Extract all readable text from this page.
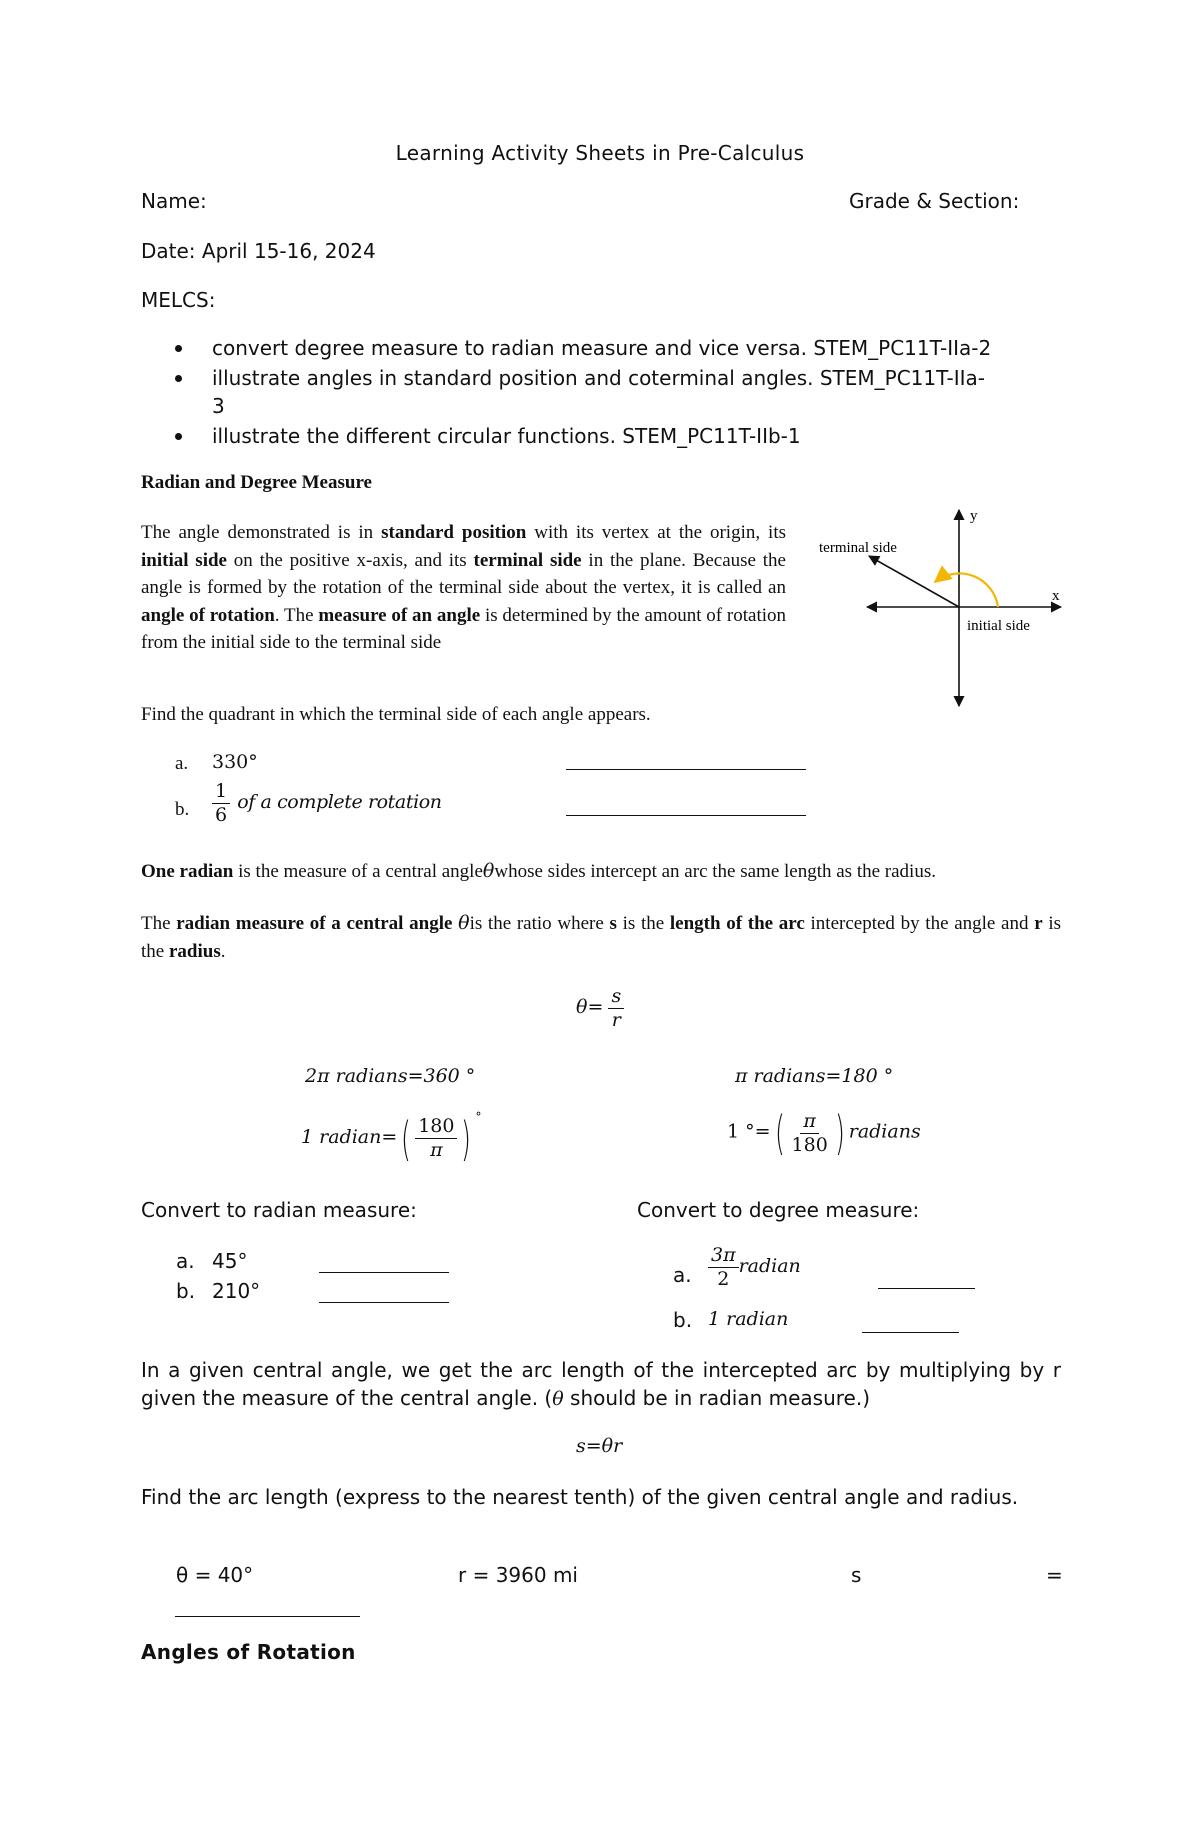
Learning Activity Sheets in Pre-Calculus
Name:	Grade & Section:
Date: April 15-16, 2024
MELCS:
convert degree measure to radian measure and vice versa. STEM_PC11T-IIa-2
illustrate angles in standard position and coterminal angles. STEM_PC11T-IIa-
3
illustrate the different circular functions. STEM_PC11T-IIb-1
Radian and Degree Measure
The angle demonstrated is in standard position with its vertex at the origin, its initial side on the positive x-axis, and its terminal side in the plane. Because the angle is formed by the rotation of the terminal side about the vertex, it is called an angle of rotation. The measure of an angle is determined by the amount of rotation from the initial side to the terminal side
y
x
terminal side
initial side
Find the quadrant in which the terminal side of each angle appears.
a. 330°
b. $\frac{1}{6}$ of a complete rotation
One radian is the measure of a central angleθwhose sides intercept an arc the same length as the radius.
The radian measure of a central angle θis the ratio where s is the length of the arc intercepted by the angle and r is the radius.
$\theta= \frac{s}{r}$
2π radians=360 °	π radians=180 °
1 radian=( $\frac{180}{\pi}$ ) °
1 °=( $\frac{\pi}{180}$ ) radians
Convert to radian measure:	Convert to degree measure:
a. 45°
b. 210°
a. $\frac{3\pi}{2}$ radian
b. 1 radian
In a given central angle, we get the arc length of the intercepted arc by multiplying by r given the measure of the central angle. (θ should be in radian measure.)
s=θr
Find the arc length (express to the nearest tenth) of the given central angle and radius.
θ = 40°	r = 3960 mi	s	=
Angles of Rotation
